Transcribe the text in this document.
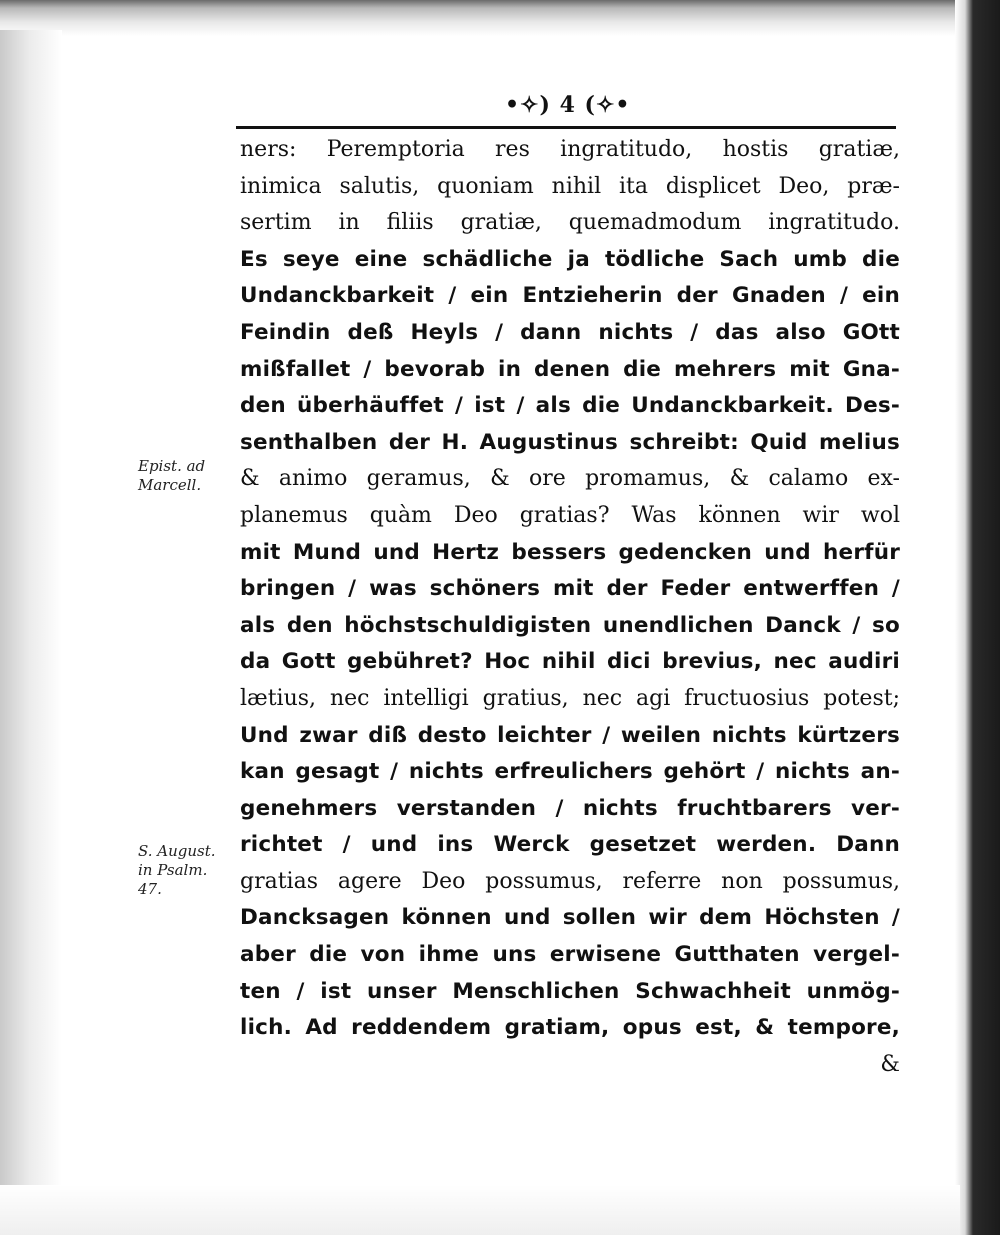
•✧) 4 (✧•
Epist. ad
Marcell.
S. August.
in Psalm.
47.
ners: Peremptoria res ingratitudo, hostis gratiæ,
inimica salutis, quoniam nihil ita displicet Deo, præ-
sertim in filiis gratiæ, quemadmodum ingratitudo.
Es seye eine schädliche ja tödliche Sach umb die
Undanckbarkeit / ein Entzieherin der Gnaden / ein
Feindin deß Heyls / dann nichts / das also GOtt
mißfallet / bevorab in denen die mehrers mit Gna-
den überhäuffet / ist / als die Undanckbarkeit. Des-
senthalben der H. Augustinus schreibt: Quid melius
& animo geramus, & ore promamus, & calamo ex-
planemus quàm Deo gratias? Was können wir wol
mit Mund und Hertz bessers gedencken und herfür
bringen / was schöners mit der Feder entwerffen /
als den höchstschuldigisten unendlichen Danck / so
da Gott gebühret? Hoc nihil dici brevius, nec audiri
lætius, nec intelligi gratius, nec agi fructuosius potest;
Und zwar diß desto leichter / weilen nichts kürtzers
kan gesagt / nichts erfreulichers gehört / nichts an-
genehmers verstanden / nichts fruchtbarers ver-
richtet / und ins Werck gesetzet werden. Dann
gratias agere Deo possumus, referre non possumus,
Dancksagen können und sollen wir dem Höchsten /
aber die von ihme uns erwisene Gutthaten vergel-
ten / ist unser Menschlichen Schwachheit unmög-
lich. Ad reddendem gratiam, opus est, & tempore,
&
